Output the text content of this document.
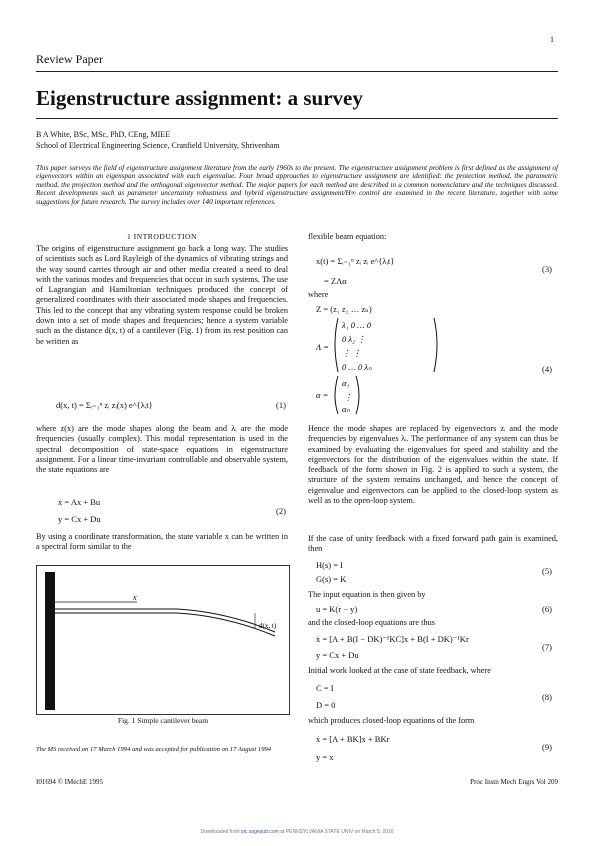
1
Review Paper
Eigenstructure assignment: a survey
B A White, BSc, MSc, PhD, CEng, MIEE
School of Electrical Engineering Science, Cranfield University, Shrivenham
This paper surveys the field of eigenstructure assignment literature from the early 1960s to the present. The eigenstructure assignment problem is first defined as the assignment of eigenvectors within an eigenspan associated with each eigenvalue. Four broad approaches to eigenstructure assignment are identified: the protection method, the parametric method, the projection method and the orthogonal eigenvector method. The major papers for each method are described in a common nomenclature and the techniques discussed. Recent developments such as parameter uncertainty robustness and hybrid eigenstructure assignment/H∞ control are examined in the recent literature, together with some suggestions for future research. The survey includes over 140 important references.
1 INTRODUCTION
The origins of eigenstructure assignment go back a long way. The studies of scientists such as Lord Rayleigh of the dynamics of vibrating strings and the way sound carries through air and other media created a need to deal with the various modes and frequencies that occur in such systems. The use of Lagrangian and Hamiltonian techniques produced the concept of generalized coordinates with their associated mode shapes and frequencies. This led to the concept that any vibrating system response could be broken down into a set of mode shapes and frequencies; hence a system variable such as the distance d(x, t) of a cantilever (Fig. 1) from its rest position can be written as
d(x, t) = Σᵢ₌₁ⁿ zᵢ zᵢ(x) e^{λᵢt}	(1)
where z(x) are the mode shapes along the beam and λᵢ are the mode frequencies (usually complex). This modal representation is used in the spectral decomposition of state-space equations in eigenstructure assignment. For a linear time-invariant controllable and observable system, the state equations are
ẋ = Ax + Bu
y = Cx + Du
(2)
By using a coordinate transformation, the state variable x can be written in a spectral form similar to the
x
d(x, t)
Fig. 1 Simple cantilever beam
The MS received on 17 March 1994 and was accepted for publication on 17 August 1994
flexible beam equation:
x(t) = Σᵢ₌₁ⁿ zᵢ zᵢ e^{λᵢt}
= ZΛα
(3)
where
Z = (z₁ z₂ … zₙ)
Λ =
λ₁ 0 … 0
0 λ₂ ⋮
⋮ ⋮
0 … 0 λₙ
α =
α₁
⋮
αₙ
(4)
Hence the mode shapes are replaced by eigenvectors zᵢ and the mode frequencies by eigenvalues λᵢ. The performance of any system can thus be examined by evaluating the eigenvalues for speed and stability and the eigenvectors for the distribution of the eigenvalues within the state. If feedback of the form shown in Fig. 2 is applied to such a system, the structure of the system remains unchanged, and hence the concept of eigenvalue and eigenvectors can be applied to the closed-loop system as well as to the open-loop system.
If the case of unity feedback with a fixed forward path gain is examined, then
H(s) = I
G(s) = K
(5)
The input equation is then given by
u = K(r − y)	(6)
and the closed-loop equations are thus
ẋ = [A + B(I − DK)⁻¹KC]x + B(I + DK)⁻¹Kr
y = Cx + Du
(7)
Initial work looked at the case of state feedback, where
C = I
D = 0
(8)
which produces closed-loop equations of the form
ẋ = [A + BK]x + BKr
y = x
(9)
I01694 © IMechE 1995	Proc Instn Mech Engrs Vol 209
Downloaded from pic.sagepub.com at PENNSYLVANIA STATE UNIV on March 5, 2016
